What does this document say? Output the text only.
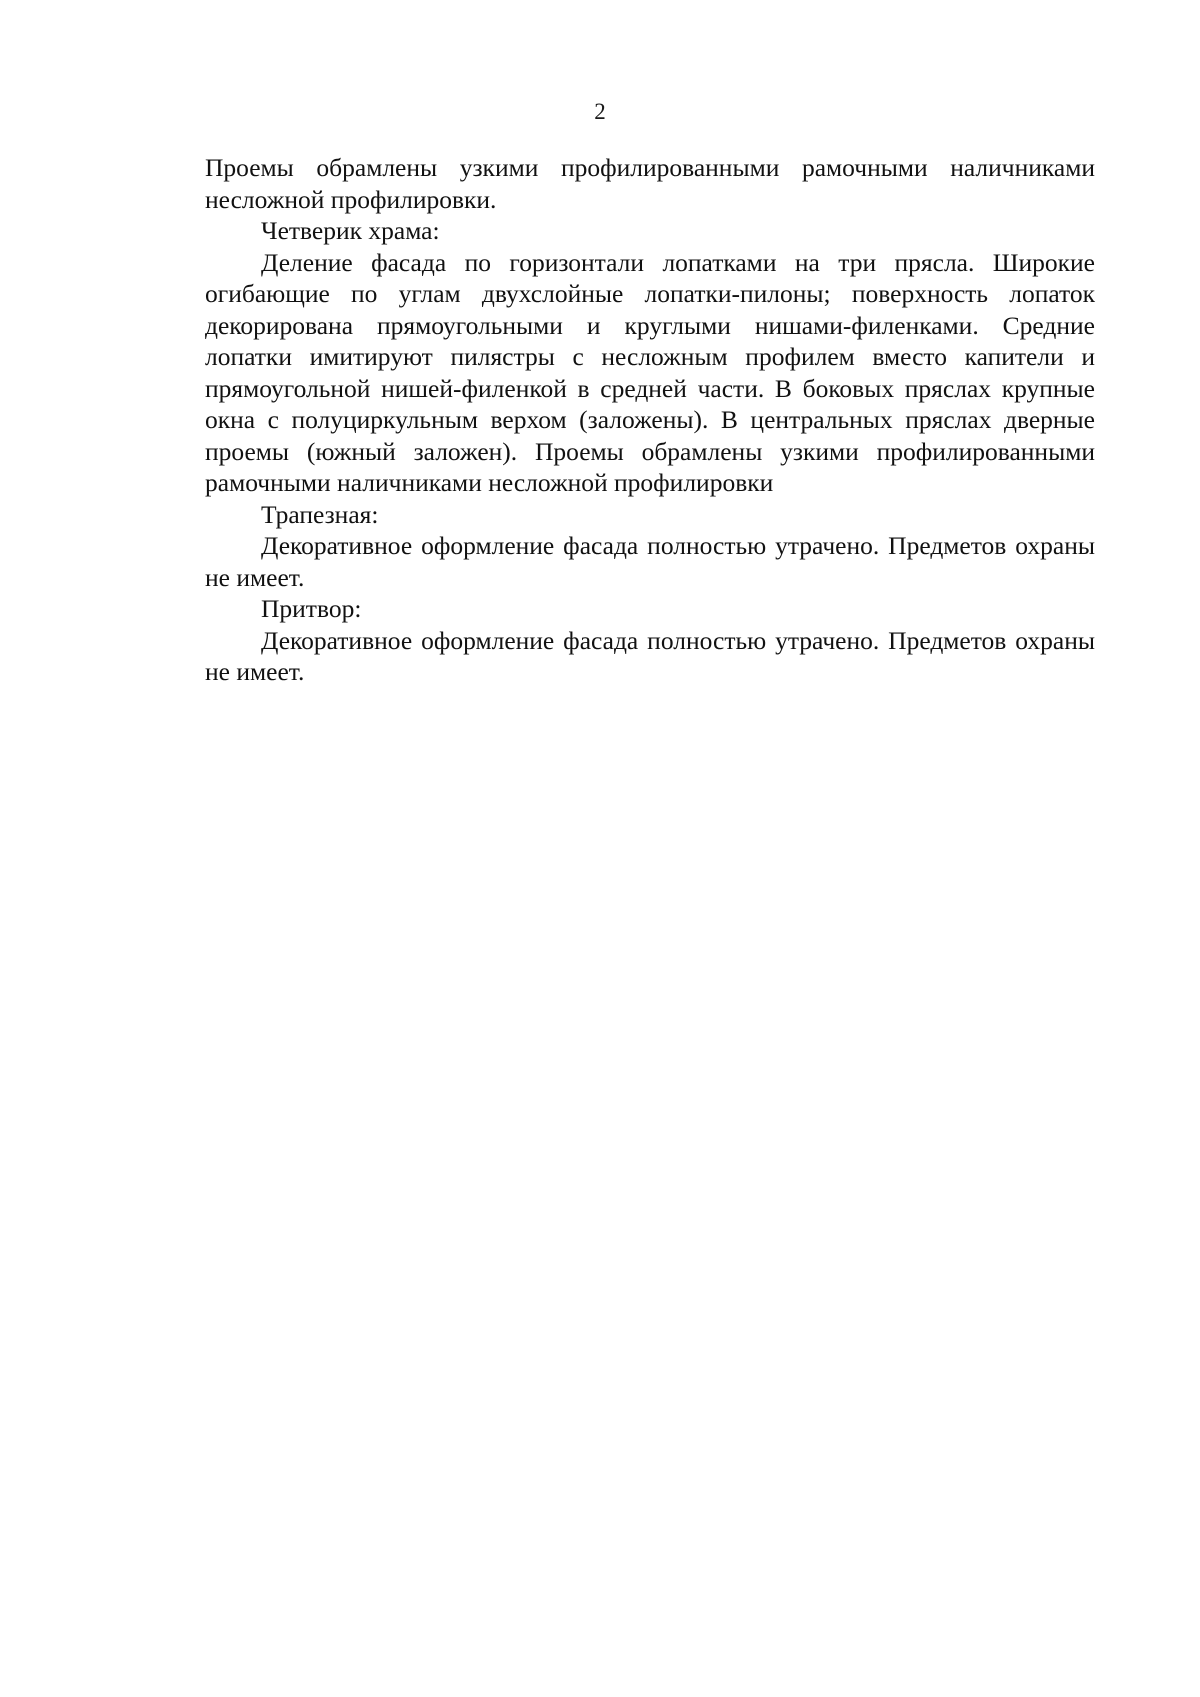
2

Проемы обрамлены узкими профилированными рамочными наличниками несложной профилировки.

Четверик храма:

Деление фасада по горизонтали лопатками на три прясла. Широкие огибающие по углам двухслойные лопатки-пилоны; поверхность лопаток декорирована прямоугольными и круглыми нишами-филенками. Средние лопатки имитируют пилястры с несложным профилем вместо капители и прямоугольной нишей-филенкой в средней части. В боковых пряслах крупные окна с полуциркульным верхом (заложены). В центральных пряслах дверные проемы (южный заложен). Проемы обрамлены узкими профилированными рамочными наличниками несложной профилировки

Трапезная:

Декоративное оформление фасада полностью утрачено. Предметов охраны не имеет.

Притвор:

Декоративное оформление фасада полностью утрачено. Предметов охраны не имеет.
